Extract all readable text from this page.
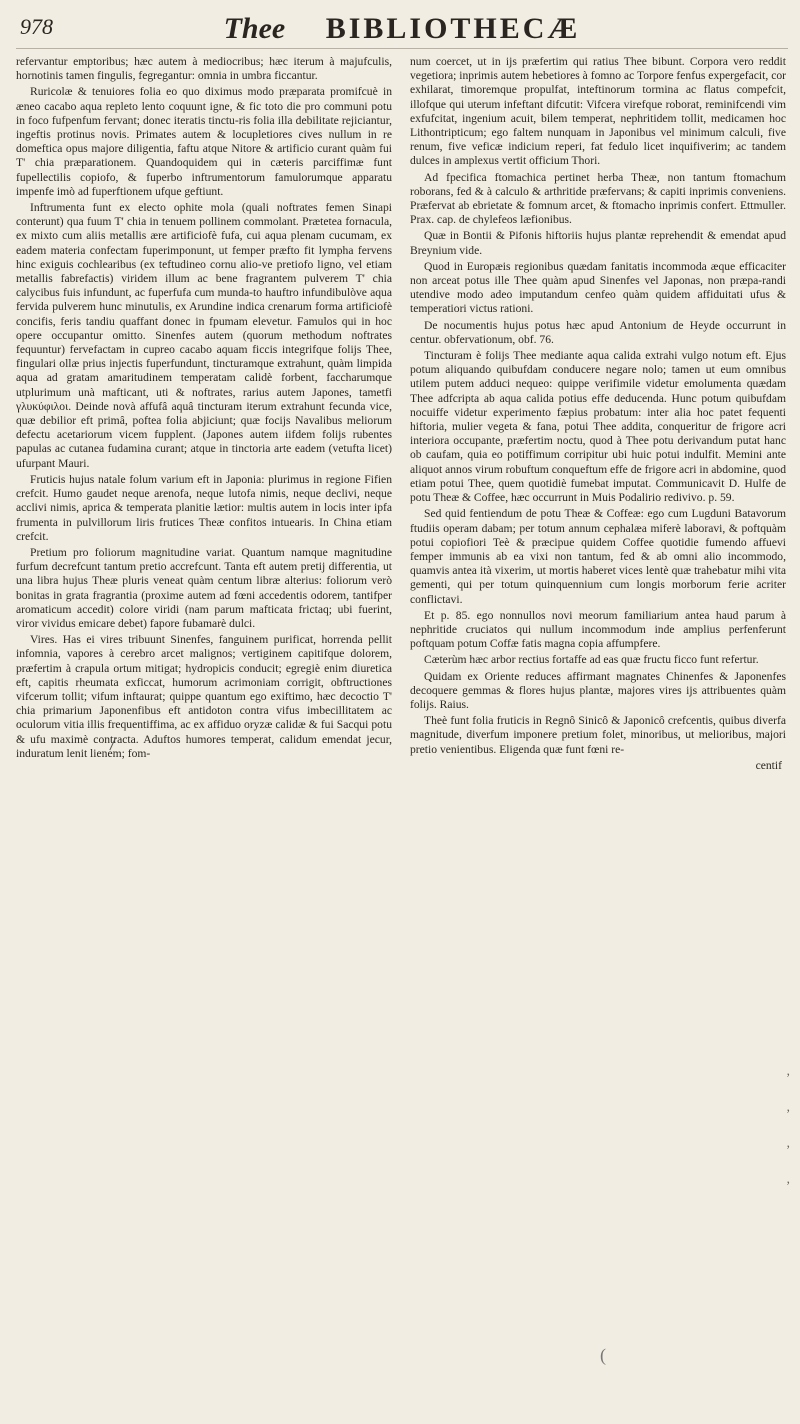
978	Thee BIBLIOTHECÆ

refervantur emptoribus; hæc autem à mediocribus; hæc iterum à majufculis, hornotinis tamen fingulis, fegregantur: omnia in umbra ficcantur.

Ruricolæ & tenuiores folia eo quo diximus modo præparata promifcuè in æneo cacabo aqua repleto lento coquunt igne, & fic toto die pro communi potu in foco fufpenfum fervant; donec iteratis tinctu-ris folia illa debilitate rejiciantur, ingeftis protinus novis. Primates autem & locupletiores cives nullum in re domeftica opus majore diligentia, faftu atque Nitore & artificio curant quàm fui T' chia præparationem. Quandoquidem qui in cæteris parciffimæ funt fupellectilis copiofo, & fuperbo inftrumentorum famulorumque apparatu impenfe imò ad fuperftionem ufque geftiunt.

Inftrumenta funt ex electo ophite mola (quali noftrates femen Sinapi conterunt) qua fuum T' chia in tenuem pollinem commolant. Prætetea fornacula, ex mixto cum aliis metallis ære artificiofè fufa, cui aqua plenam cucumam, ex eadem materia confectam fuperimponunt, ut femper præfto fit lympha fervens hinc exiguis cochlearibus (ex teftudineo cornu alio-ve pretiofo ligno, vel etiam metallis fabrefactis) viridem illum ac bene fragrantem pulverem T' chia calycibus fuis infundunt, ac fuperfufa cum munda-to hauftro infundibulòve aqua fervida pulverem hunc minutulis, ex Arundine indica crenarum forma artificiofè concifis, feris tandiu quaffant donec in fpumam elevetur. Famulos qui in hoc opere occupantur omitto. Sinenfes autem (quorum methodum noftrates fequuntur) fervefactam in cupreo cacabo aquam ficcis integrifque folijs Thee, fingulari ollæ prius injectis fuperfundunt, tincturamque extrahunt, quàm limpida aqua ad gratam amaritudinem temperatam calidè forbent, faccharumque utplurimum unà mafticant, uti & noftrates, rarius autem Japones, tametfi γλυκύφιλοι. Deinde novà affufâ aquâ tincturam iterum extrahunt fecunda vice, quæ debilior eft primâ, poftea folia abjiciunt; quæ focijs Navalibus meliorum defectu acetariorum vicem fupplent. (Japones autem iifdem folijs rubentes papulas ac cutanea fudamina curant; atque in tinctoria arte eadem (vetufta licet) ufurpant Mauri.

Fruticis hujus natale folum varium eft in Japonia: plurimus in regione Fifien crefcit. Humo gaudet neque arenofa, neque lutofa nimis, neque declivi, neque acclivi nimis, aprica & temperata planitie lætior: multis autem in locis inter ipfa frumenta in pulvillorum liris frutices Theæ confitos intuearis. In China etiam crefcit.

Pretium pro foliorum magnitudine variat. Quantum namque magnitudine furfum decrefcunt tantum pretio accrefcunt. Tanta eft autem pretij differentia, ut una libra hujus Theæ pluris veneat quàm centum libræ alterius: foliorum verò bonitas in grata fragrantia (proxime autem ad fœni accedentis odorem, tantifper aromaticum accedit) colore viridi (nam parum mafticata frictaq; ubi fuerint, viror vividus emicare debet) fapore fubamarè dulci.

Vires. Has ei vires tribuunt Sinenfes, fanguinem purificat, horrenda pellit infomnia, vapores à cerebro arcet malignos; vertiginem capitifque dolorem, præfertim à crapula ortum mitigat; hydropicis conducit; egregiè enim diuretica eft, capitis rheumata exficcat, humorum acrimoniam corrigit, obftructiones vifcerum tollit; vifum inftaurat; quippe quantum ego exiftimo, hæc decoctio T' chia primarium Japonenfibus eft antidoton contra vifus imbecillitatem ac oculorum vitia illis frequentiffima, ac ex affiduo oryzæ calidæ & fui Sacqui potu & ufu maximè contracta. Aduftos humores temperat, calidum emendat jecur, induratum lenit lienem; fom-

num coercet, ut in ijs præfertim qui ratius Thee bibunt. Corpora vero reddit vegetiora; inprimis autem hebetiores à fomno ac Torpore fenfus expergefacit, cor exhilarat, timoremque propulfat, inteftinorum tormina ac flatus compefcit, illofque qui uterum infeftant difcutit: Vifcera virefque roborat, reminifcendi vim exfufcitat, ingenium acuit, bilem temperat, nephritidem tollit, medicamen hoc Lithontripticum; ego faltem nunquam in Japonibus vel minimum calculi, five renum, five veficæ indicium reperi, fat fedulo licet inquifiverim; ac tandem dulces in amplexus vertit officium Thori.

Ad fpecifica ftomachica pertinet herba Theæ, non tantum ftomachum roborans, fed & à calculo & arthritide præfervans; & capiti inprimis conveniens. Præfervat ab ebrietate & fomnum arcet, & ftomacho inprimis confert. Ettmuller. Prax. cap. de chylefeos læfionibus.

Quæ in Bontii & Pifonis hiftoriis hujus plantæ reprehendit & emendat apud Breynium vide.

Quod in Europæis regionibus quædam fanitatis incommoda æque efficaciter non arceat potus ille Thee quàm apud Sinenfes vel Japonas, non præpa-randi utendive modo adeo imputandum cenfeo quàm quidem affiduitati ufus & temperatiori victus rationi.

De nocumentis hujus potus hæc apud Antonium de Heyde occurrunt in centur. obfervationum, obf. 76.

Tincturam è folijs Thee mediante aqua calida extrahi vulgo notum eft. Ejus potum aliquando quibufdam conducere negare nolo; tamen ut eum omnibus utilem putem adduci nequeo: quippe verifimile videtur emolumenta quædam Thee adfcripta ab aqua calida potius effe deducenda. Hunc potum quibufdam nocuiffe videtur experimento fæpius probatum: inter alia hoc patet fequenti hiftoria, mulier vegeta & fana, potui Thee addita, conqueritur de frigore acri interiora occupante, præfertim noctu, quod à Thee potu derivandum putat hanc ob caufam, quia eo potiffimum corripitur ubi huic potui indulfit. Memini ante aliquot annos virum robuftum conqueftum effe de frigore acri in abdomine, quod etiam potui Thee, quem quotidiè fumebat imputat. Communicavit D. Hulfe de potu Theæ & Coffee, hæc occurrunt in Muis Podalirio redivivo. p. 59.

Sed quid fentiendum de potu Theæ & Coffeæ: ego cum Lugduni Batavorum ftudiis operam dabam; per totum annum cephalæa miferè laboravi, & poftquàm potui copiofiori Teè & præcipue quidem Coffee quotidie fumendo affuevi femper immunis ab ea vixi non tantum, fed & ab omni alio incommodo, quamvis antea ità vixerim, ut mortis haberet vices lentè quæ trahebatur mihi vita gementi, qui per totum quinquennium cum longis morborum ferie acriter conflictavi.

Et p. 85. ego nonnullos novi meorum familiarium antea haud parum à nephritide cruciatos qui nullum incommodum inde amplius perfenferunt poftquam potum Coffæ fatis magna copia affumpfere.

Cæterùm hæc arbor rectius fortaffe ad eas quæ fructu ficco funt refertur.

Quidam ex Oriente reduces affirmant magnates Chinenfes & Japonenfes decoquere gemmas & flores hujus plantæ, majores vires ijs attribuentes quàm folijs. Raius.

Theè funt folia fruticis in Regnô Sinicô & Japonicô crefcentis, quibus diverfa magnitude, diverfum imponere pretium folet, minoribus, ut melioribus, majori pretio venientibus. Eligenda quæ funt fœni re-

centif
’
’
’
’
(
